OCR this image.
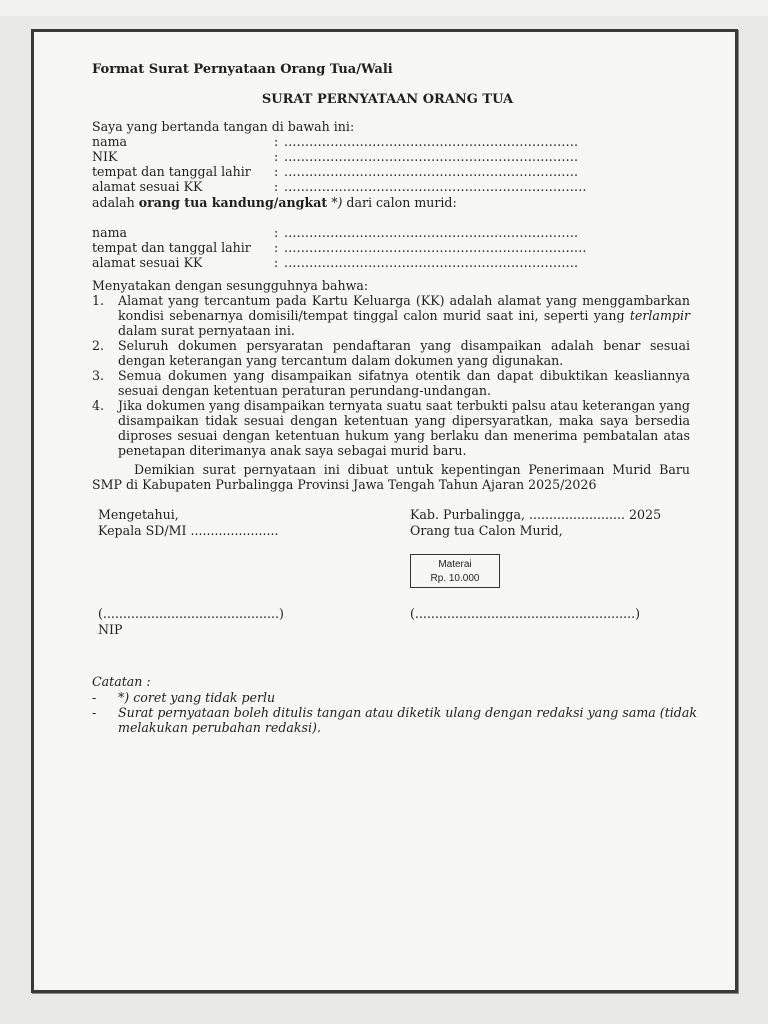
Format Surat Pernyataan Orang Tua/Wali
SURAT PERNYATAAN ORANG TUA
Saya yang bertanda tangan di bawah ini:
nama	: ......................................................................
NIK	: ......................................................................
tempat dan tanggal lahir : ......................................................................
alamat sesuai KK	: ........................................................................
adalah orang tua kandung/angkat *) dari calon murid:
nama	: ......................................................................
tempat dan tanggal lahir : ........................................................................
alamat sesuai KK	: ......................................................................
Menyatakan dengan sesungguhnya bahwa:
1. Alamat yang tercantum pada Kartu Keluarga (KK) adalah alamat yang menggambarkan kondisi sebenarnya domisili/tempat tinggal calon murid saat ini, seperti yang terlampir dalam surat pernyataan ini.
2. Seluruh dokumen persyaratan pendaftaran yang disampaikan adalah benar sesuai dengan keterangan yang tercantum dalam dokumen yang digunakan.
3. Semua dokumen yang disampaikan sifatnya otentik dan dapat dibuktikan keasliannya sesuai dengan ketentuan peraturan perundang-undangan.
4. Jika dokumen yang disampaikan ternyata suatu saat terbukti palsu atau keterangan yang disampaikan tidak sesuai dengan ketentuan yang dipersyaratkan, maka saya bersedia diproses sesuai dengan ketentuan hukum yang berlaku dan menerima pembatalan atas penetapan diterimanya anak saya sebagai murid baru.
Demikian surat pernyataan ini dibuat untuk kepentingan Penerimaan Murid Baru SMP di Kabupaten Purbalingga Provinsi Jawa Tengah Tahun Ajaran 2025/2026
Mengetahui,
Kepala SD/MI ......................
Kab. Purbalingga, ........................ 2025
Orang tua Calon Murid,
Materai
Rp. 10.000
(............................................)
NIP
(.......................................................)
Catatan :
- *) coret yang tidak perlu
- Surat pernyataan boleh ditulis tangan atau diketik ulang dengan redaksi yang sama (tidak melakukan perubahan redaksi).
